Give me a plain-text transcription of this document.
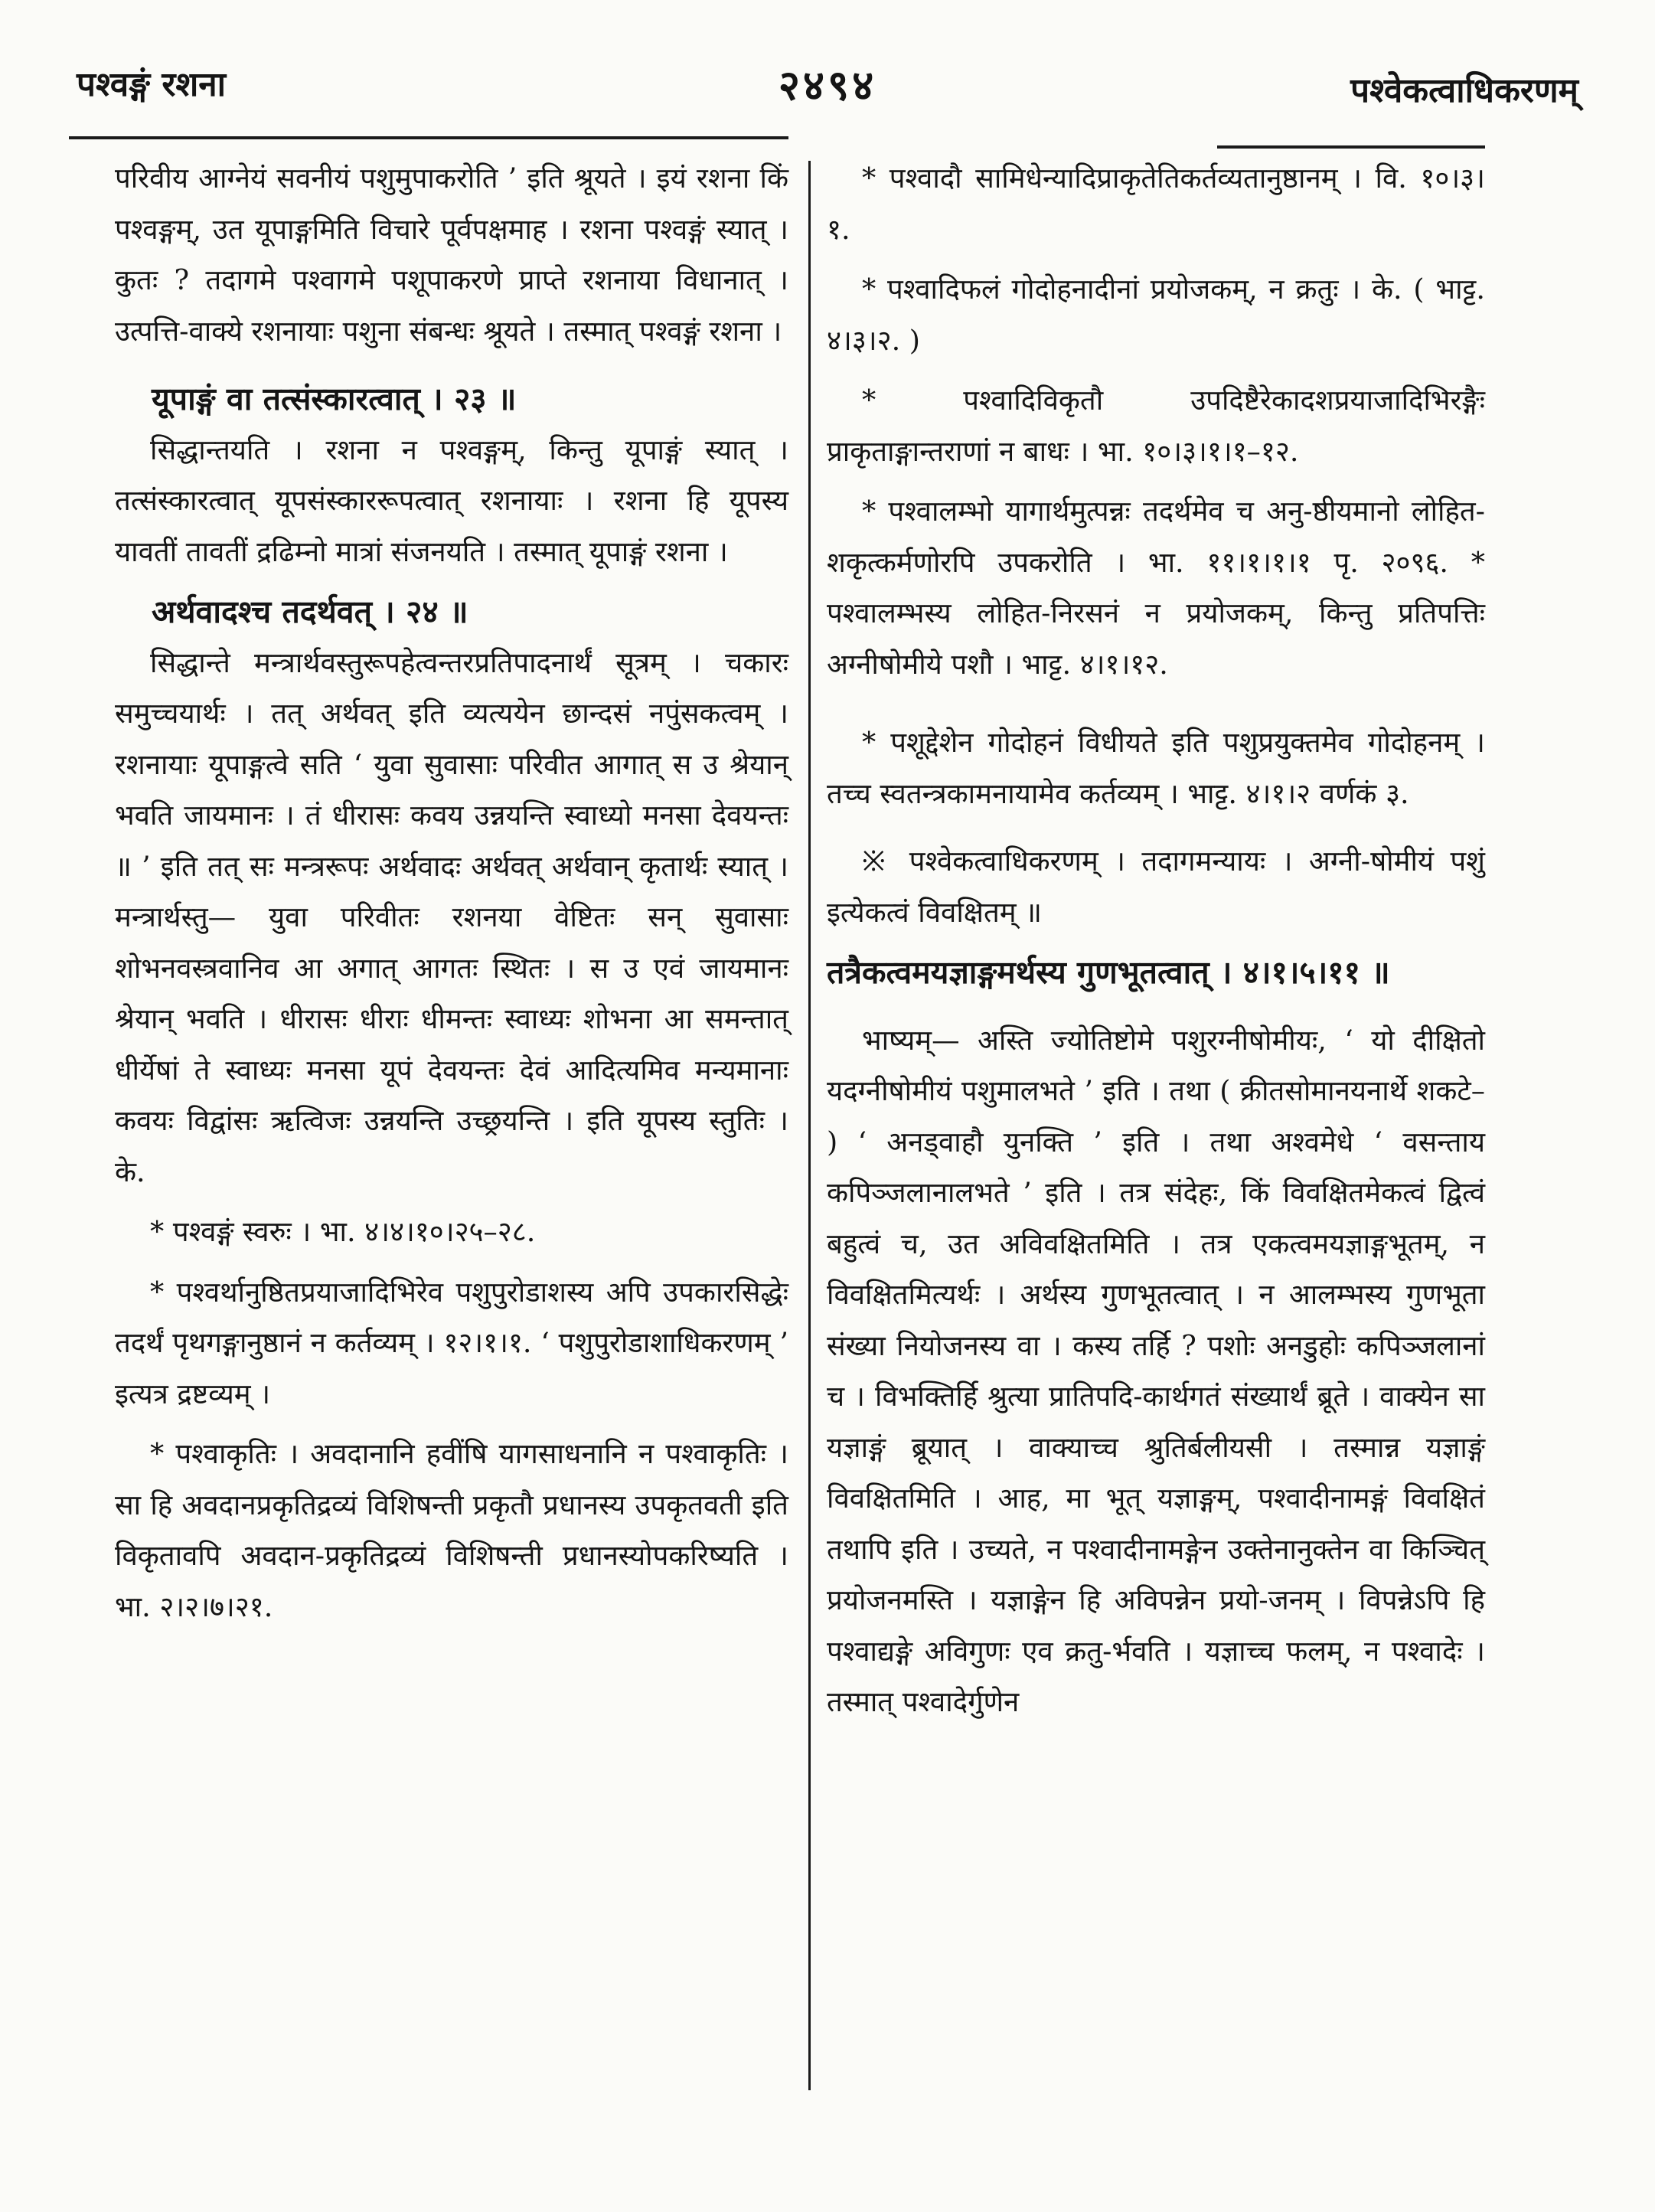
पश्वङ्गं रशना	२४९४	पश्वेकत्वाधिकरणम्

परिवीय आग्नेयं सवनीयं पशुमुपाकरोति ’ इति श्रूयते । इयं रशना किं पश्वङ्गम्, उत यूपाङ्गमिति विचारे पूर्वपक्षमाह । रशना पश्वङ्गं स्यात् । कुतः ? तदागमे पश्वागमे पशूपाकरणे प्राप्ते रशनाया विधानात् । उत्पत्ति-वाक्ये रशनायाः पशुना संबन्धः श्रूयते । तस्मात् पश्वङ्गं रशना ।

यूपाङ्गं वा तत्संस्कारत्वात् । २३ ॥

सिद्धान्तयति । रशना न पश्वङ्गम्, किन्तु यूपाङ्गं स्यात् । तत्संस्कारत्वात् यूपसंस्काररूपत्वात् रशनायाः । रशना हि यूपस्य यावतीं तावतीं द्रढिम्नो मात्रां संजनयति । तस्मात् यूपाङ्गं रशना ।

अर्थवादश्च तदर्थवत् । २४ ॥

सिद्धान्ते मन्त्रार्थवस्तुरूपहेत्वन्तरप्रतिपादनार्थं सूत्रम् । चकारः समुच्चयार्थः । तत् अर्थवत् इति व्यत्ययेन छान्दसं नपुंसकत्वम् । रशनायाः यूपाङ्गत्वे सति ‘ युवा सुवासाः परिवीत आगात् स उ श्रेयान् भवति जायमानः । तं धीरासः कवय उन्नयन्ति स्वाध्यो मनसा देवयन्तः ॥ ’ इति तत् सः मन्त्ररूपः अर्थवादः अर्थवत् अर्थवान् कृतार्थः स्यात् । मन्त्रार्थस्तु— युवा परिवीतः रशनया वेष्टितः सन् सुवासाः शोभनवस्त्रवानिव आ अगात् आगतः स्थितः । स उ एवं जायमानः श्रेयान् भवति । धीरासः धीराः धीमन्तः स्वाध्यः शोभना आ समन्तात् धीर्येषां ते स्वाध्यः मनसा यूपं देवयन्तः देवं आदित्यमिव मन्यमानाः कवयः विद्वांसः ऋत्विजः उन्नयन्ति उच्छ्रयन्ति । इति यूपस्य स्तुतिः । के.

* पश्वङ्गं स्वरुः । भा. ४।४।१०।२५–२८.

* पश्वर्थानुष्ठितप्रयाजादिभिरेव पशुपुरोडाशस्य अपि उपकारसिद्धेः तदर्थं पृथगङ्गानुष्ठानं न कर्तव्यम् । १२।१।१. ‘ पशुपुरोडाशाधिकरणम् ’ इत्यत्र द्रष्टव्यम् ।

* पश्वाकृतिः । अवदानानि हवींषि यागसाधनानि न पश्वाकृतिः । सा हि अवदानप्रकृतिद्रव्यं विशिषन्ती प्रकृतौ प्रधानस्य उपकृतवती इति विकृतावपि अवदान-प्रकृतिद्रव्यं विशिषन्ती प्रधानस्योपकरिष्यति । भा. २।२।७।२१.

* पश्वादौ सामिधेन्यादिप्राकृतेतिकर्तव्यतानुष्ठानम् । वि. १०।३।१.

* पश्वादिफलं गोदोहनादीनां प्रयोजकम्, न क्रतुः । के. ( भाट्ट. ४।३।२. )

* पश्वादिविकृतौ उपदिष्टैरेकादशप्रयाजादिभिरङ्गैः प्राकृताङ्गान्तराणां न बाधः । भा. १०।३।१।१–१२.

* पश्वालम्भो यागार्थमुत्पन्नः तदर्थमेव च अनु-ष्ठीयमानो लोहित-शकृत्कर्मणोरपि उपकरोति । भा. ११।१।१।१ पृ. २०९६. * पश्वालम्भस्य लोहित-निरसनं न प्रयोजकम्, किन्तु प्रतिपत्तिः अग्नीषोमीये पशौ । भाट्ट. ४।१।१२.

* पशूद्देशेन गोदोहनं विधीयते इति पशुप्रयुक्तमेव गोदोहनम् । तच्च स्वतन्त्रकामनायामेव कर्तव्यम् । भाट्ट. ४।१।२ वर्णकं ३.

※ पश्वेकत्वाधिकरणम् । तदागमन्यायः । अग्नी-षोमीयं पशुं इत्येकत्वं विवक्षितम् ॥

तत्रैकत्वमयज्ञाङ्गमर्थस्य गुणभूतत्वात् । ४।१।५।११ ॥

भाष्यम्— अस्ति ज्योतिष्टोमे पशुरग्नीषोमीयः, ‘ यो दीक्षितो यदग्नीषोमीयं पशुमालभते ’ इति । तथा ( क्रीतसोमानयनार्थे शकटे– ) ‘ अनड्वाहौ युनक्ति ’ इति । तथा अश्वमेधे ‘ वसन्ताय कपिञ्जलानालभते ’ इति । तत्र संदेहः, किं विवक्षितमेकत्वं द्वित्वं बहुत्वं च, उत अविवक्षितमिति । तत्र एकत्वमयज्ञाङ्गभूतम्, न विवक्षितमित्यर्थः । अर्थस्य गुणभूतत्वात् । न आलम्भस्य गुणभूता संख्या नियोजनस्य वा । कस्य तर्हि ? पशोः अनडुहोः कपिञ्जलानां च । विभक्तिर्हि श्रुत्या प्रातिपदि-कार्थगतं संख्यार्थं ब्रूते । वाक्येन सा यज्ञाङ्गं ब्रूयात् । वाक्याच्च श्रुतिर्बलीयसी । तस्मान्न यज्ञाङ्गं विवक्षितमिति । आह, मा भूत् यज्ञाङ्गम्, पश्वादीनामङ्गं विवक्षितं तथापि इति । उच्यते, न पश्वादीनामङ्गेन उक्तेनानुक्तेन वा किञ्चित् प्रयोजनमस्ति । यज्ञाङ्गेन हि अविपन्नेन प्रयो-जनम् । विपन्नेऽपि हि पश्वाद्यङ्गे अविगुणः एव क्रतु-र्भवति । यज्ञाच्च फलम्, न पश्वादेः । तस्मात् पश्वादेर्गुणेन
